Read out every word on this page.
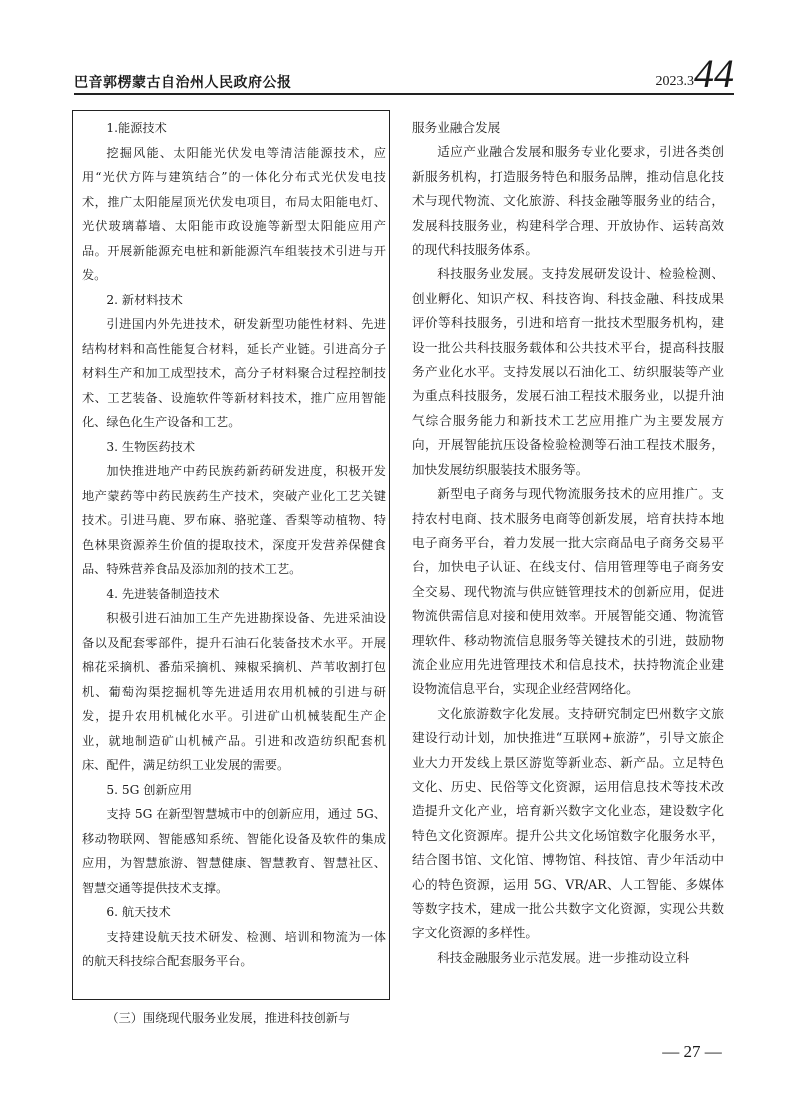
巴音郭楞蒙古自治州人民政府公报	2023.3 44

1.能源技术

挖掘风能、太阳能光伏发电等清洁能源技术，应用“光伏方阵与建筑结合”的一体化分布式光伏发电技术，推广太阳能屋顶光伏发电项目，布局太阳能电灯、光伏玻璃幕墙、太阳能市政设施等新型太阳能应用产品。开展新能源充电桩和新能源汽车组装技术引进与开发。

2. 新材料技术

引进国内外先进技术，研发新型功能性材料、先进结构材料和高性能复合材料，延长产业链。引进高分子材料生产和加工成型技术，高分子材料聚合过程控制技术、工艺装备、设施软件等新材料技术，推广应用智能化、绿色化生产设备和工艺。

3. 生物医药技术

加快推进地产中药民族药新药研发进度，积极开发地产蒙药等中药民族药生产技术，突破产业化工艺关键技术。引进马鹿、罗布麻、骆驼蓬、香梨等动植物、特色林果资源养生价值的提取技术，深度开发营养保健食品、特殊营养食品及添加剂的技术工艺。

4. 先进装备制造技术

积极引进石油加工生产先进勘探设备、先进采油设备以及配套零部件，提升石油石化装备技术水平。开展棉花采摘机、番茄采摘机、辣椒采摘机、芦苇收割打包机、葡萄沟渠挖掘机等先进适用农用机械的引进与研发，提升农用机械化水平。引进矿山机械装配生产企业，就地制造矿山机械产品。引进和改造纺织配套机床、配件，满足纺织工业发展的需要。

5. 5G 创新应用

支持 5G 在新型智慧城市中的创新应用，通过 5G、移动物联网、智能感知系统、智能化设备及软件的集成应用，为智慧旅游、智慧健康、智慧教育、智慧社区、智慧交通等提供技术支撑。

6. 航天技术

支持建设航天技术研发、检测、培训和物流为一体的航天科技综合配套服务平台。

（三）围绕现代服务业发展，推进科技创新与

服务业融合发展

适应产业融合发展和服务专业化要求，引进各类创新服务机构，打造服务特色和服务品牌，推动信息化技术与现代物流、文化旅游、科技金融等服务业的结合，发展科技服务业，构建科学合理、开放协作、运转高效的现代科技服务体系。

科技服务业发展。支持发展研发设计、检验检测、创业孵化、知识产权、科技咨询、科技金融、科技成果评价等科技服务，引进和培育一批技术型服务机构，建设一批公共科技服务载体和公共技术平台，提高科技服务产业化水平。支持发展以石油化工、纺织服装等产业为重点科技服务，发展石油工程技术服务业，以提升油气综合服务能力和新技术工艺应用推广为主要发展方向，开展智能抗压设备检验检测等石油工程技术服务，加快发展纺织服装技术服务等。

新型电子商务与现代物流服务技术的应用推广。支持农村电商、技术服务电商等创新发展，培育扶持本地电子商务平台，着力发展一批大宗商品电子商务交易平台，加快电子认证、在线支付、信用管理等电子商务安全交易、现代物流与供应链管理技术的创新应用，促进物流供需信息对接和使用效率。开展智能交通、物流管理软件、移动物流信息服务等关键技术的引进，鼓励物流企业应用先进管理技术和信息技术，扶持物流企业建设物流信息平台，实现企业经营网络化。

文化旅游数字化发展。支持研究制定巴州数字文旅建设行动计划，加快推进“互联网+旅游”，引导文旅企业大力开发线上景区游览等新业态、新产品。立足特色文化、历史、民俗等文化资源，运用信息技术等技术改造提升文化产业，培育新兴数字文化业态，建设数字化特色文化资源库。提升公共文化场馆数字化服务水平，结合图书馆、文化馆、博物馆、科技馆、青少年活动中心的特色资源，运用 5G、VR/AR、人工智能、多媒体等数字技术，建成一批公共数字文化资源，实现公共数字文化资源的多样性。

科技金融服务业示范发展。进一步推动设立科

— 27 —
